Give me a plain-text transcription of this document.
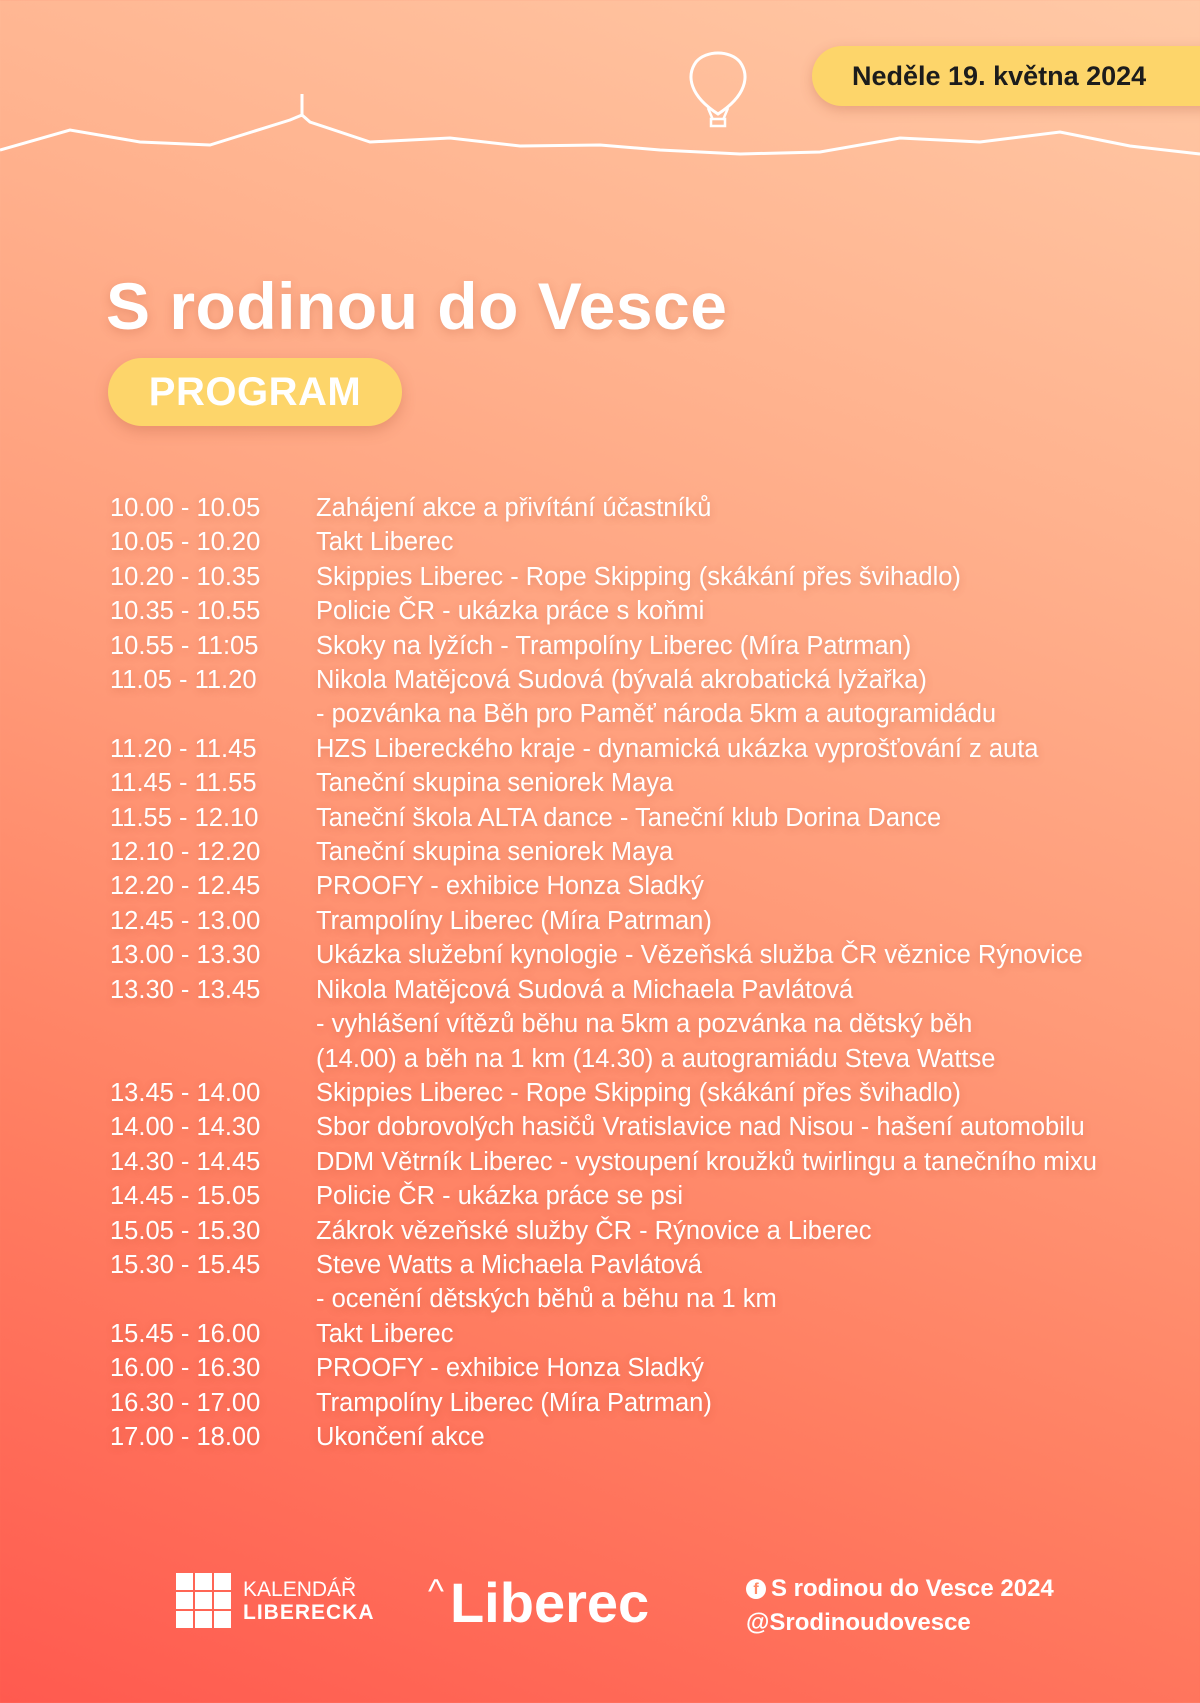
Neděle 19. května 2024
S rodinou do Vesce
PROGRAM
10.00 - 10.05	Zahájení akce a přivítání účastníků
10.05 - 10.20	Takt Liberec
10.20 - 10.35	Skippies Liberec - Rope Skipping (skákání přes švihadlo)
10.35 - 10.55	Policie ČR - ukázka práce s koňmi
10.55 - 11:05	Skoky na lyžích - Trampolíny Liberec (Míra Patrman)
11.05 - 11.20	Nikola Matějcová Sudová (bývalá akrobatická lyžařka)
- pozvánka na Běh pro Paměť národa 5km a autogramidádu
11.20 - 11.45	HZS Libereckého kraje - dynamická ukázka vyprošťování z auta
11.45 - 11.55	Taneční skupina seniorek Maya
11.55 - 12.10	Taneční škola ALTA dance - Taneční klub Dorina Dance
12.10 - 12.20	Taneční skupina seniorek Maya
12.20 - 12.45	PROOFY - exhibice Honza Sladký
12.45 - 13.00	Trampolíny Liberec (Míra Patrman)
13.00 - 13.30	Ukázka služební kynologie - Vězeňská služba ČR věznice Rýnovice
13.30 - 13.45	Nikola Matějcová Sudová a Michaela Pavlátová
- vyhlášení vítězů běhu na 5km a pozvánka na dětský běh
(14.00) a běh na 1 km (14.30) a autogramiádu Steva Wattse
13.45 - 14.00	Skippies Liberec - Rope Skipping (skákání přes švihadlo)
14.00 - 14.30	Sbor dobrovolých hasičů Vratislavice nad Nisou - hašení automobilu
14.30 - 14.45	DDM Větrník Liberec - vystoupení kroužků twirlingu a tanečního mixu
14.45 - 15.05	Policie ČR - ukázka práce se psi
15.05 - 15.30	Zákrok vězeňské služby ČR - Rýnovice a Liberec
15.30 - 15.45	Steve Watts a Michaela Pavlátová
- ocenění dětských běhů a běhu na 1 km
15.45 - 16.00	Takt Liberec
16.00 - 16.30	PROOFY - exhibice Honza Sladký
16.30 - 17.00	Trampolíny Liberec (Míra Patrman)
17.00 - 18.00	Ukončení akce
KALENDÁŘ
LIBERECKA
^ Liberec	f S rodinou do Vesce 2024
@Srodinoudovesce
